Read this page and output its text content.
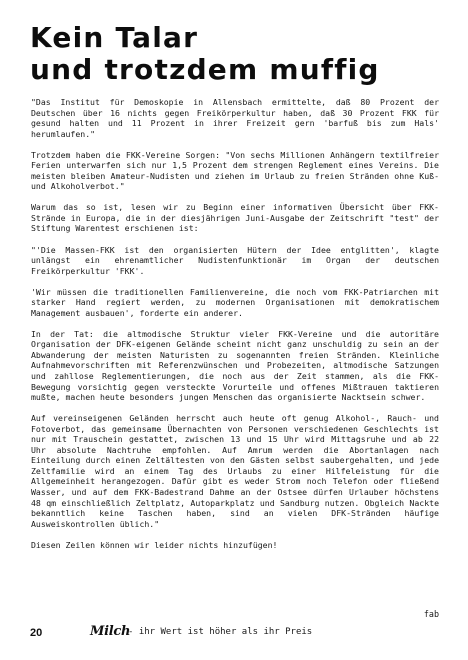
Kein Talar
und trotzdem muffig

"Das Institut für Demoskopie in Allensbach ermittelte, daß 80 Prozent der Deutschen über 16 nichts gegen Freikörperkultur haben, daß 30 Prozent FKK für gesund halten und 11 Prozent in ihrer Freizeit gern 'barfuß bis zum Hals' herumlaufen."

Trotzdem haben die FKK-Vereine Sorgen: "Von sechs Millionen Anhängern textilfreier Ferien unterwarfen sich nur 1,5 Prozent dem strengen Reglement eines Vereins. Die meisten bleiben Amateur-Nudisten und ziehen im Urlaub zu freien Stränden ohne Kuß- und Alkoholverbot."

Warum das so ist, lesen wir zu Beginn einer informativen Übersicht über FKK-Strände in Europa, die in der diesjährigen Juni-Ausgabe der Zeitschrift "test" der Stiftung Warentest erschienen ist:

"'Die Massen-FKK ist den organisierten Hütern der Idee entglitten', klagte unlängst ein ehrenamtlicher Nudistenfunktionär im Organ der deutschen Freikörperkultur 'FKK'.

'Wir müssen die traditionellen Familienvereine, die noch vom FKK-Patriarchen mit starker Hand regiert werden, zu modernen Organisationen mit demokratischem Management ausbauen', forderte ein anderer.

In der Tat: die altmodische Struktur vieler FKK-Vereine und die autoritäre Organisation der DFK-eigenen Gelände scheint nicht ganz unschuldig zu sein an der Abwanderung der meisten Naturisten zu sogenannten freien Stränden. Kleinliche Aufnahmevorschriften mit Referenzwünschen und Probezeiten, altmodische Satzungen und zahllose Reglementierungen, die noch aus der Zeit stammen, als die FKK-Bewegung vorsichtig gegen versteckte Vorurteile und offenes Mißtrauen taktieren mußte, machen heute besonders jungen Menschen das organisierte Nacktsein schwer.

Auf vereinseigenen Geländen herrscht auch heute oft genug Alkohol-, Rauch- und Fotoverbot, das gemeinsame Übernachten von Personen verschiedenen Geschlechts ist nur mit Trauschein gestattet, zwischen 13 und 15 Uhr wird Mittagsruhe und ab 22 Uhr absolute Nachtruhe empfohlen. Auf Amrum werden die Abortanlagen nach Einteilung durch einen Zeltältesten von den Gästen selbst saubergehalten, und jede Zeltfamilie wird an einem Tag des Urlaubs zu einer Hilfeleistung für die Allgemeinheit herangezogen. Dafür gibt es weder Strom noch Telefon oder fließend Wasser, und auf dem FKK-Badestrand Dahme an der Ostsee dürfen Urlauber höchstens 48 qm einschließlich Zeltplatz, Autoparkplatz und Sandburg nutzen. Obgleich Nackte bekanntlich keine Taschen haben, sind an vielen DFK-Stränden häufige Ausweiskontrollen üblich."

Diesen Zeilen können wir leider nichts hinzufügen!

fab
20	Milch
- ihr Wert ist höher als ihr Preis
